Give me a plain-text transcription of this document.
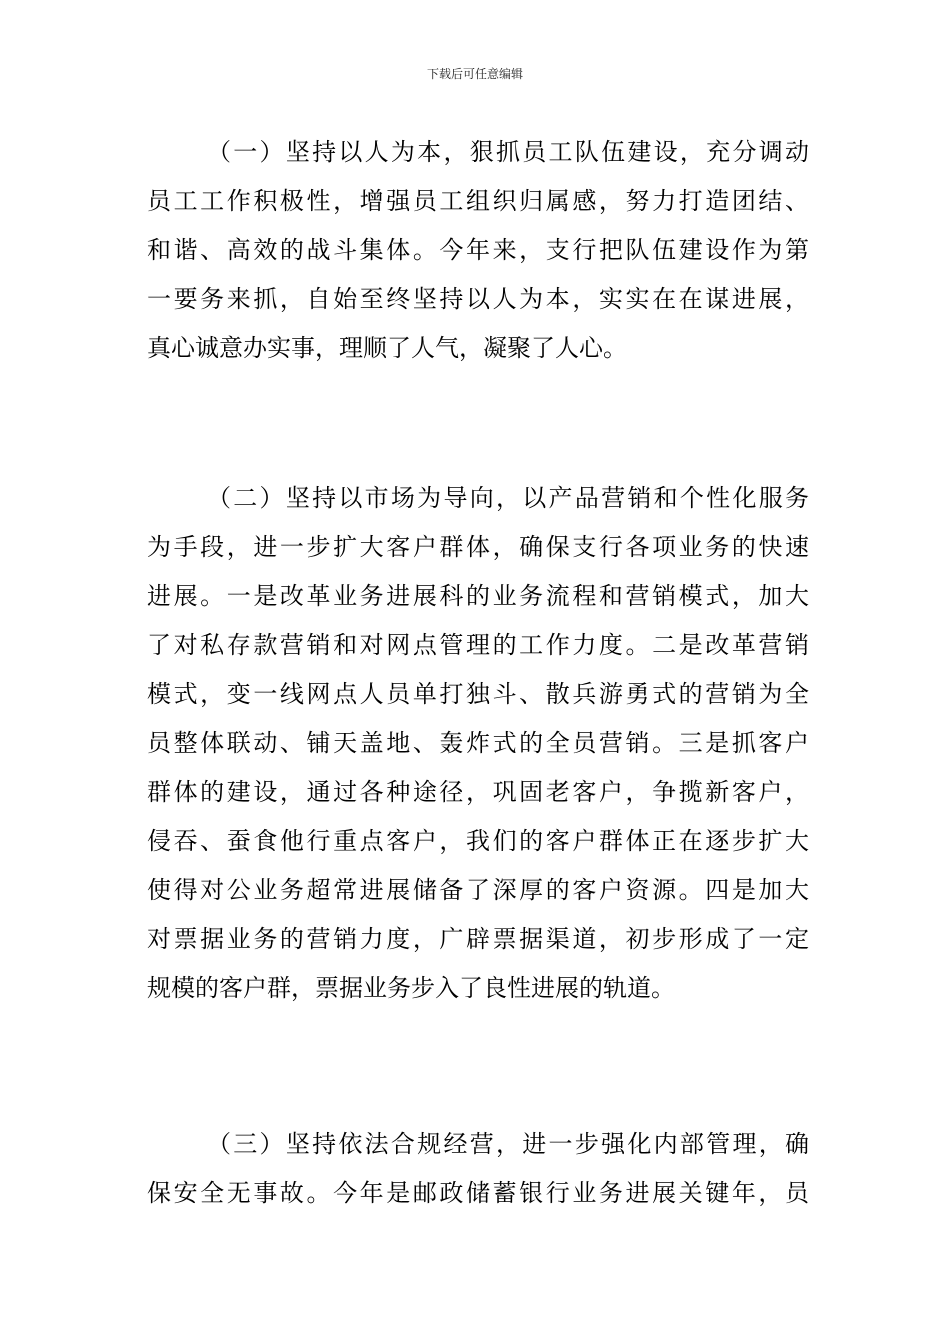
下载后可任意编辑
（一）坚持以人为本，狠抓员工队伍建设，充分调动
员工工作积极性，增强员工组织归属感，努力打造团结、
和谐、高效的战斗集体。今年来，支行把队伍建设作为第
一要务来抓，自始至终坚持以人为本，实实在在谋进展，
真心诚意办实事，理顺了人气，凝聚了人心。
（二）坚持以市场为导向，以产品营销和个性化服务
为手段，进一步扩大客户群体，确保支行各项业务的快速
进展。一是改革业务进展科的业务流程和营销模式，加大
了对私存款营销和对网点管理的工作力度。二是改革营销
模式，变一线网点人员单打独斗、散兵游勇式的营销为全
员整体联动、铺天盖地、轰炸式的全员营销。三是抓客户
群体的建设，通过各种途径，巩固老客户，争揽新客户，
侵吞、蚕食他行重点客户，我们的客户群体正在逐步扩大
使得对公业务超常进展储备了深厚的客户资源。四是加大
对票据业务的营销力度，广辟票据渠道，初步形成了一定
规模的客户群，票据业务步入了良性进展的轨道。
（三）坚持依法合规经营，进一步强化内部管理，确
保安全无事故。今年是邮政储蓄银行业务进展关键年，员
